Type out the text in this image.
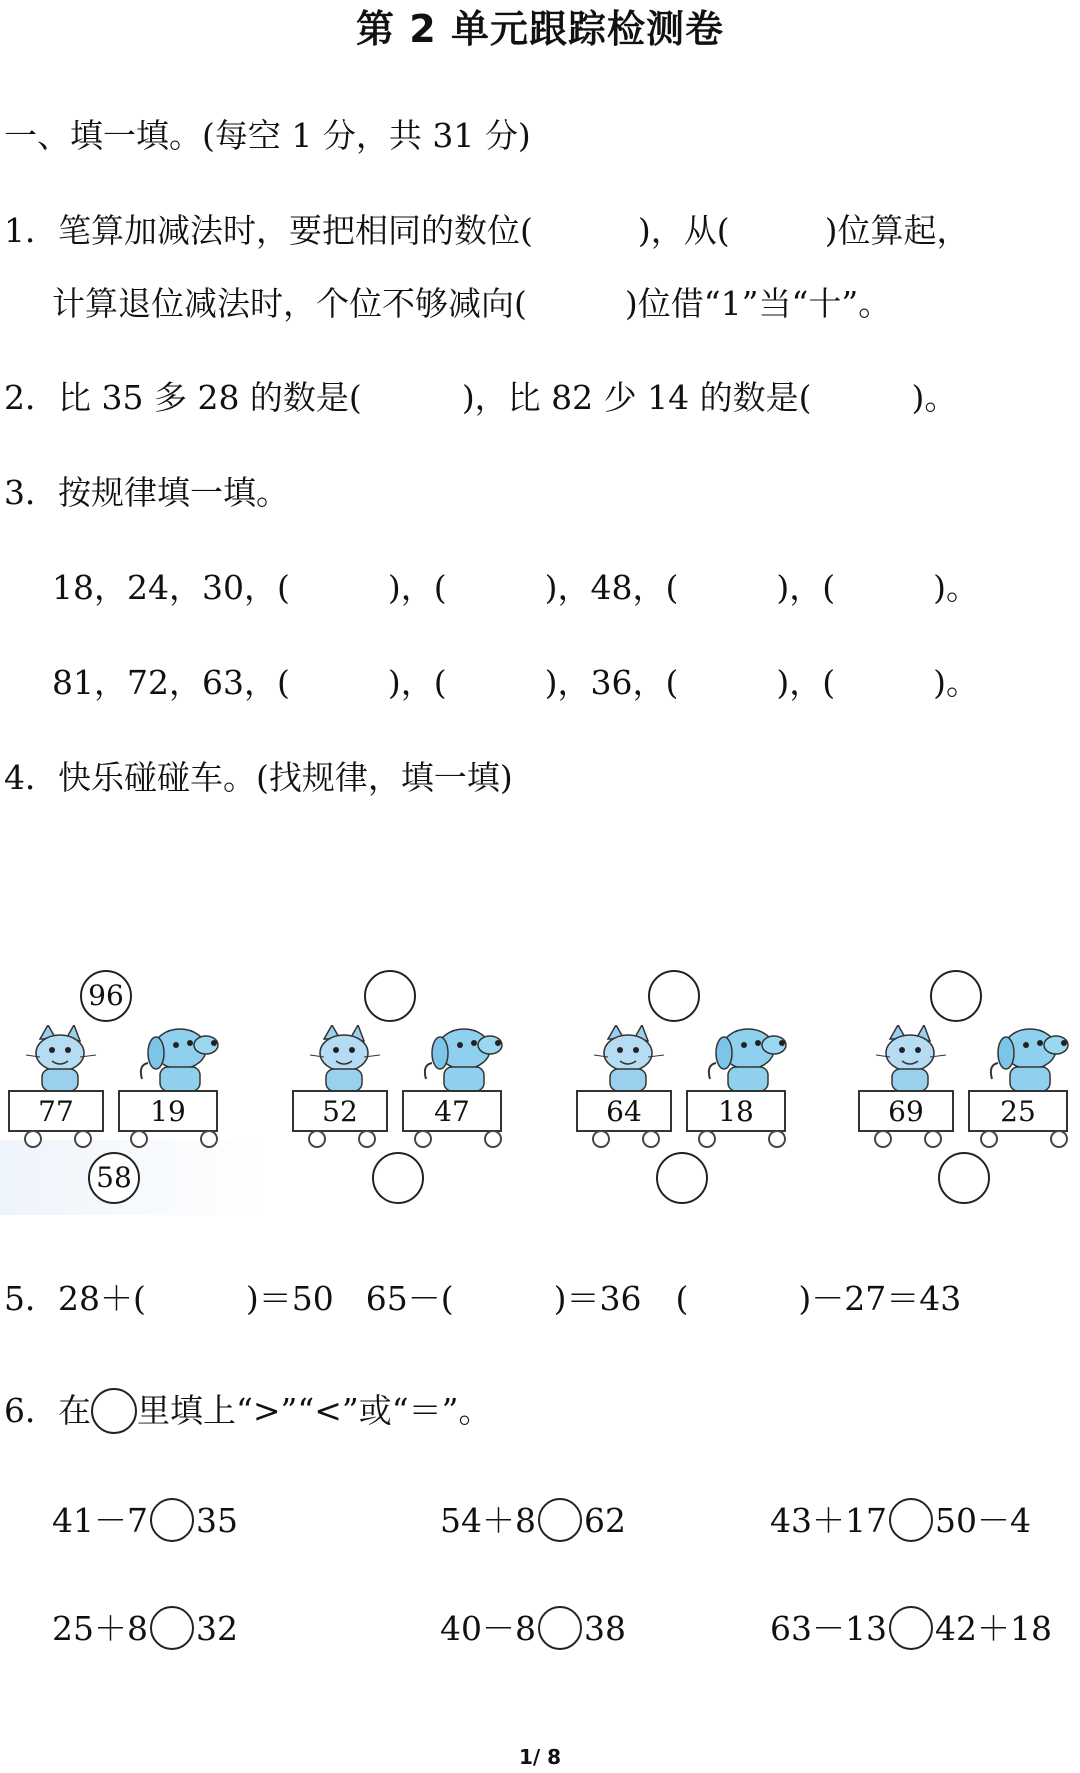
第 2 单元跟踪检测卷
一、填一填。(每空 1 分，共 31 分)
1．笔算加减法时，要把相同的数位(	)，从(	)位算起，
计算退位减法时，个位不够减向(	)位借“1”当“十”。
2．比 35 多 28 的数是(	)，比 82 少 14 的数是(	)。
3．按规律填一填。
18，24，30，(	)，(	)，48，(	)，(	)。
81，72，63，(	)，(	)，36，(	)，(	)。
4．快乐碰碰车。(找规律，填一填)
96
58
77	19	52	47	64	18	69	25
5．28＋(	)＝50 65－(	)＝36 (	)－27＝43
6．在 里填上“>”“<”或“＝”。
41－7 35	54＋8 62	43＋17 50－4
25＋8 32	40－8 38	63－13 42＋18
1/ 8
